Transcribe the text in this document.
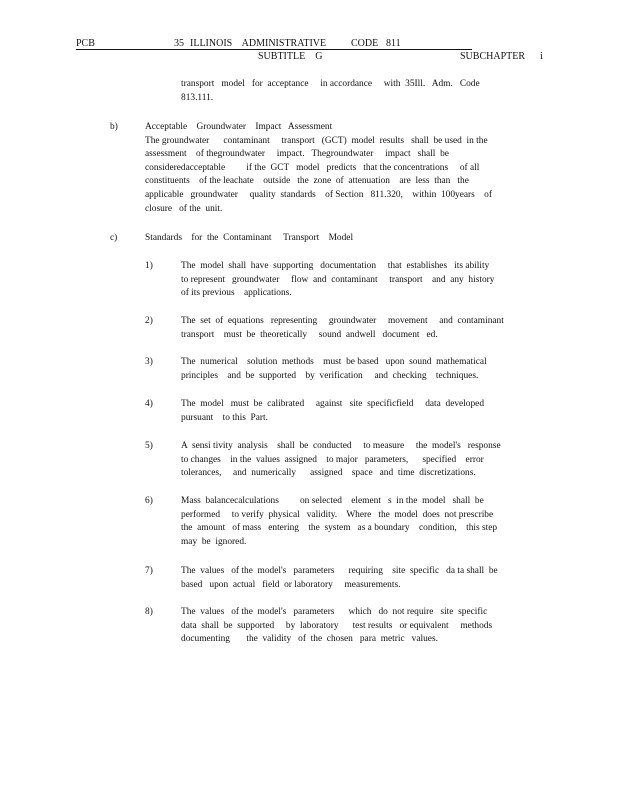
PCB	35 ILLINOIS    ADMINISTRATIVE CODE 811
SUBTITLE    G	SUBCHAPTER i

transport   model   for  acceptance     in accordance     with  35Ill.   Adm.   Code

813.111.

b)	Acceptable    Groundwater    Impact   Assessment

The groundwater      contaminant     transport   (GCT)  model  results   shall  be used  in the

assessment    of thegroundwater     impact.   Thegroundwater     impact   shall  be

consideredacceptable         if the  GCT   model   predicts   that the concentrations     of all

constituents    of the leachate    outside   the  zone  of  attenuation    are  less  than   the

applicable   groundwater     quality  standards    of Section   811.320,    within  100years    of

closure   of the  unit.

c)	Standards    for  the  Contaminant     Transport    Model
1)	The  model  shall  have  supporting   documentation     that  establishes   its ability

to represent   groundwater     flow  and  contaminant     transport    and  any  history

of its previous    applications.

2)	The  set  of  equations   representing     groundwater     movement     and  contaminant

transport    must  be  theoretically     sound  andwell   document   ed.

3)	The  numerical    solution  methods    must  be based   upon  sound  mathematical

principles    and  be  supported    by  verification     and  checking    techniques.

4)	The  model   must  be  calibrated     against   site  specificfield     data  developed

pursuant    to this  Part.

5)	A  sensi tivity  analysis    shall  be  conducted     to measure     the  model's   response

to changes    in the  values  assigned    to major   parameters,      specified    error

tolerances,     and  numerically      assigned    space   and  time  discretizations.

6)	Mass  balancecalculations         on selected    element   s  in the  model   shall  be

performed     to verify  physical   validity.    Where   the  model  does  not prescribe

the  amount   of mass   entering    the  system   as a boundary    condition,    this step

may  be  ignored.

7)	The  values   of the  model's   parameters      requiring    site  specific   da ta shall  be

based   upon  actual   field  or laboratory     measurements.

8)	The  values   of the  model's   parameters      which   do  not require   site  specific

data  shall  be  supported     by  laboratory      test results   or equivalent     methods

documenting       the  validity   of  the  chosen   para  metric   values.
